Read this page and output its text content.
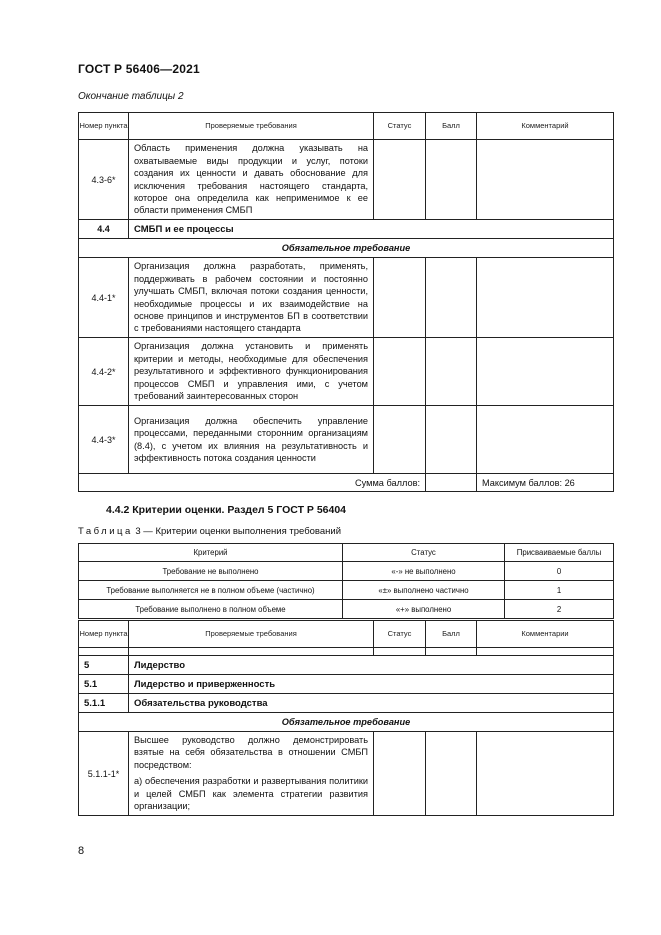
ГОСТ Р 56406—2021
Окончание таблицы 2
Номер пункта	Проверяемые требования	Статус	Балл	Комментарий
4.3-6*	Область применения должна указывать на охватываемые виды продукции и услуг, потоки создания их ценности и давать обоснование для исключения требования настоящего стандарта, которое она определила как неприменимое к ее области применения СМБП			
4.4	СМБП и ее процессы			
Обязательное требование				
4.4-1*	Организация должна разработать, применять, поддерживать в рабочем состоянии и постоянно улучшать СМБП, включая потоки создания ценности, необходимые процессы и их взаимодействие на основе принципов и инструментов БП в соответствии с требованиями настоящего стандарта			
4.4-2*	Организация должна установить и применять критерии и методы, необходимые для обеспечения результативного и эффективного функционирования процессов СМБП и управления ими, с учетом требований заинтересованных сторон			
4.4-3*	Организация должна обеспечить управление процессами, переданными сторонним организациям (8.4), с учетом их влияния на результативность и эффективность потока создания ценности			
Сумма баллов:				Максимум баллов: 26
4.4.2 Критерии оценки. Раздел 5 ГОСТ Р 56404
Таблица 3 — Критерии оценки выполнения требований
Критерий	Статус	Присваиваемые баллы
Требование не выполнено	«-» не выполнено	0
Требование выполняется не в полном объеме (частично)	«±» выполнено частично	1
Требование выполнено в полном объеме	«+» выполнено	2
Номер пункта	Проверяемые требования	Статус	Балл	Комментарии

5	Лидерство			
5.1	Лидерство и приверженность			
5.1.1	Обязательства руководства			
Обязательное требование				
5.1.1-1*	Высшее руководство должно демонстрировать взятые на себя обязательства в отношении СМБП посредством:
а) обеспечения разработки и развертывания политики и целей СМБП как элемента стратегии развития организации;			

8
